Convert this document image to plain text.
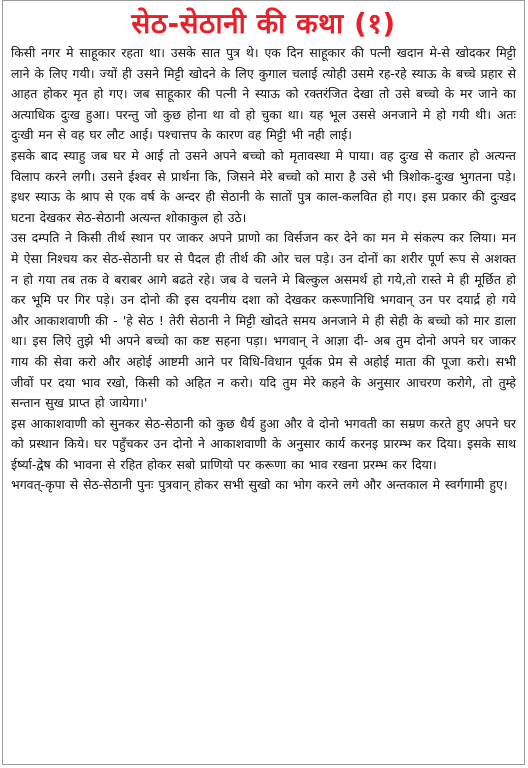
सेठ-सेठानी की कथा (१)

किसी नगर मे साहूकार रहता था। उसके सात पुत्र थे। एक दिन साहूकार की पत्नी खदान मे-से खोदकर मिट्टी लाने के लिए गयी। ज्यों ही उसने मिट्टी खोदने के लिए कुगाल चलाई त्योही उसमे रह-रहे स्याऊ के बच्चे प्रहार से आहत होकर मृत हो गए। जब साहूकार की पत्नी ने स्याऊ को रक्तरंजित देखा तो उसे बच्चो के मर जाने का अत्याधिक दुःख हुआ। परन्तु जो कुछ होना था वो हो चुका था। यह भूल उससे अनजाने मे हो गयी थी। अतः दुःखी मन से वह घर लौट आई। पश्चात्तप के कारण वह मिट्टी भी नही लाई।

इसके बाद स्याहु जब घर मे आई तो उसने अपने बच्चो को मृतावस्था मे पाया। वह दुःख से कतार हो अत्यन्त विलाप करने लगी। उसने ईश्वर से प्रार्थना कि, जिसने मेरे बच्चो को मारा है उसे भी त्रिशोक-दुःख भुगतना पड़े। इधर स्याऊ के श्राप से एक वर्ष के अन्दर ही सेठानी के सातों पुत्र काल-कलवित हो गए। इस प्रकार की दुःखद घटना देखकर सेठ-सेठानी अत्यन्त शोकाकुल हो उठे।

उस दम्पति ने किसी तीर्थ स्थान पर जाकर अपने प्राणो का विर्सजन कर देने का मन मे संकल्प कर लिया। मन मे ऐसा निश्चय कर सेठ-सेठानी घर से पैदल ही तीर्थ की ओर चल पड़े। उन दोनों का शरीर पूर्ण रूप से अशक्त न हो गया तब तक वे बराबर आगे बढते रहे। जब वे चलने मे बिल्कुल असमर्थ हो गये,तो रास्ते मे ही मूर्छित हो कर भूमि पर गिर पड़े। उन दोनो की इस दयनीय दशा को देखकर करूणानिधि भगवान् उन पर दयार्द्र हो गये और आकाशवाणी की - 'हे सेठ ! तेरी सेठानी ने मिट्टी खोदते समय अनजाने मे ही सेही के बच्चो को मार डाला था। इस लिऐ तुझे भी अपने बच्चो का कष्ट सहना पड़ा। भगवान् ने आज्ञा दी- अब तुम दोनो अपने घर जाकर गाय की सेवा करो और अहोई आष्टमी आने पर विधि-विधान पूर्वक प्रेम से अहोई माता की पूजा करो। सभी जीवों पर दया भाव रखो, किसी को अहित न करो। यदि तुम मेरे कहने के अनुसार आचरण करोगे, तो तुम्हे सन्तान सुख प्राप्त हो जायेगा।'

इस आकाशवाणी को सुनकर सेठ-सेठानी को कुछ धैर्य हुआ और वे दोनो भगवती का सम्रण करते हुए अपने घर को प्रस्थान किये। घर पहुँचकर उन दोनो ने आकाशवाणी के अनुसार कार्य करनइ प्रारम्भ कर दिया। इसके साथ ईर्ष्या-द्वेष की भावना से रहित होकर सबो प्राणियो पर करूणा का भाव रखना प्ररम्भ कर दिया।

भगवत्-कृपा से सेठ-सेठानी पुनः पुत्रवान् होकर सभी सुखो का भोग करने लगे और अन्तकाल मे स्वर्गगामी हुए।
